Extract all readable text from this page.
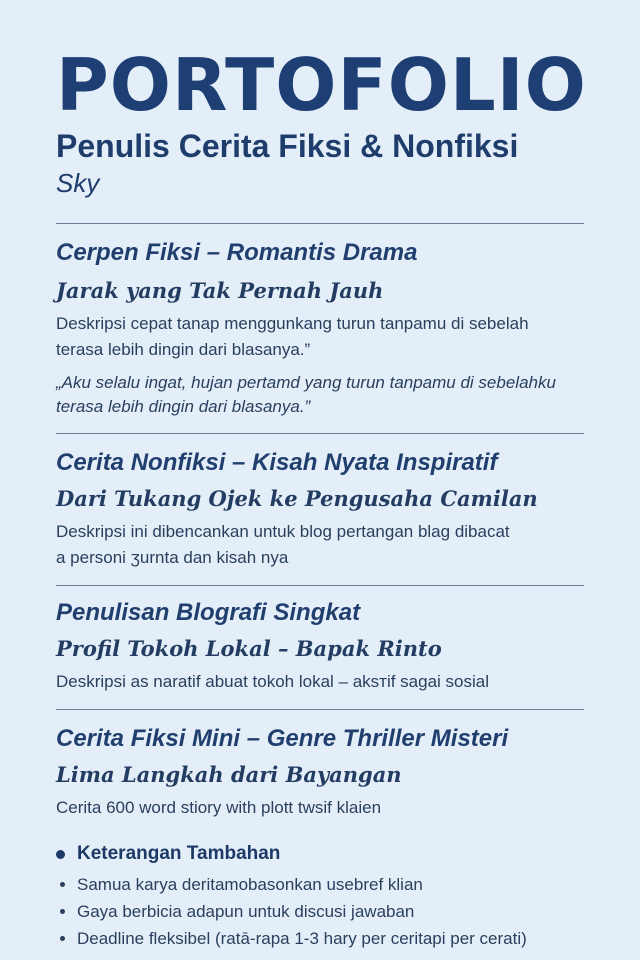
PORTOFOLIO
Penulis Cerita Fiksi & Nonfiksi
Sky
Cerpen Fiksi – Romantis Drama
Jarak yang Tak Pernah Jauh

Deskripsi cepat tanap menggunkang turun tanpamu di sebelah

terasa lebih dingin dari blasanya.”

„Aku selalu ingat, hujan pertamd yang turun tanpamu di sebelahku

terasa lebih dingin dari blasanya.”

Cerita Nonfiksi – Kisah Nyata Inspiratif
Dari Tukang Ojek ke Pengusaha Camilan

Deskripsi ini dibencankan untuk blog pertangan blag dibacat

a personi ʒurnta dan kisah nya

Penulisan Blografi Singkat
Profil Tokoh Lokal – Bapak Rinto

Deskripsi as naratif abuat tokoh lokal – aksтif sagai sosial

Cerita Fiksi Mini – Genre Thriller Misteri
Lima Langkah dari Bayangan

Cerita 600 word stiory with plott twsif klaien

Keterangan Tambahan
Samua karya deritamobasonkan usebref klian
Gaya berbicia adapun untuk discusi jawaban
Deadline fleksibel (ratā-rapa 1-3 hary per ceritapi per cerati)
